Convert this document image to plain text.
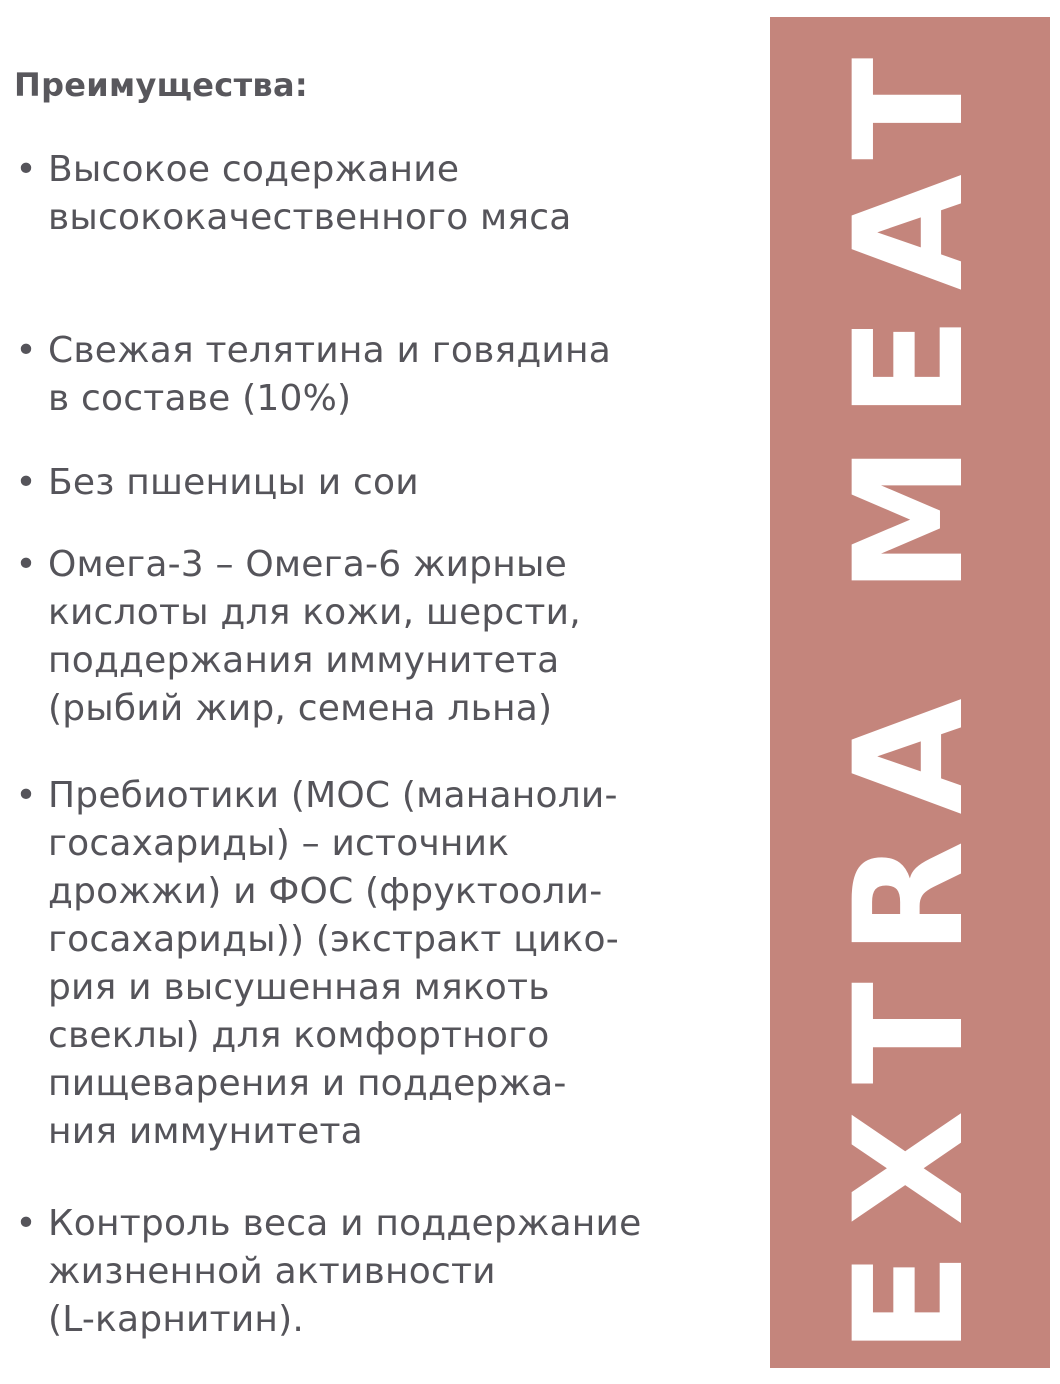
Преимущества:
• Высокое содержание
высококачественного мяса
• Свежая телятина и говядина
в составе (10%)
• Без пшеницы и сои
• Омега-3 – Омега-6 жирные
кислоты для кожи, шерсти,
поддержания иммунитета
(рыбий жир, семена льна)
• Пребиотики (МОС (мананоли-
госахариды) – источник
дрожжи) и ФОС (фруктоoли-
госахариды)) (экстракт цико-
рия и высушенная мякоть
свеклы) для комфортного
пищеварения и поддержа-
ния иммунитета
• Контроль веса и поддержание
жизненной активности
(L-карнитин).	EXTRA MEAT
